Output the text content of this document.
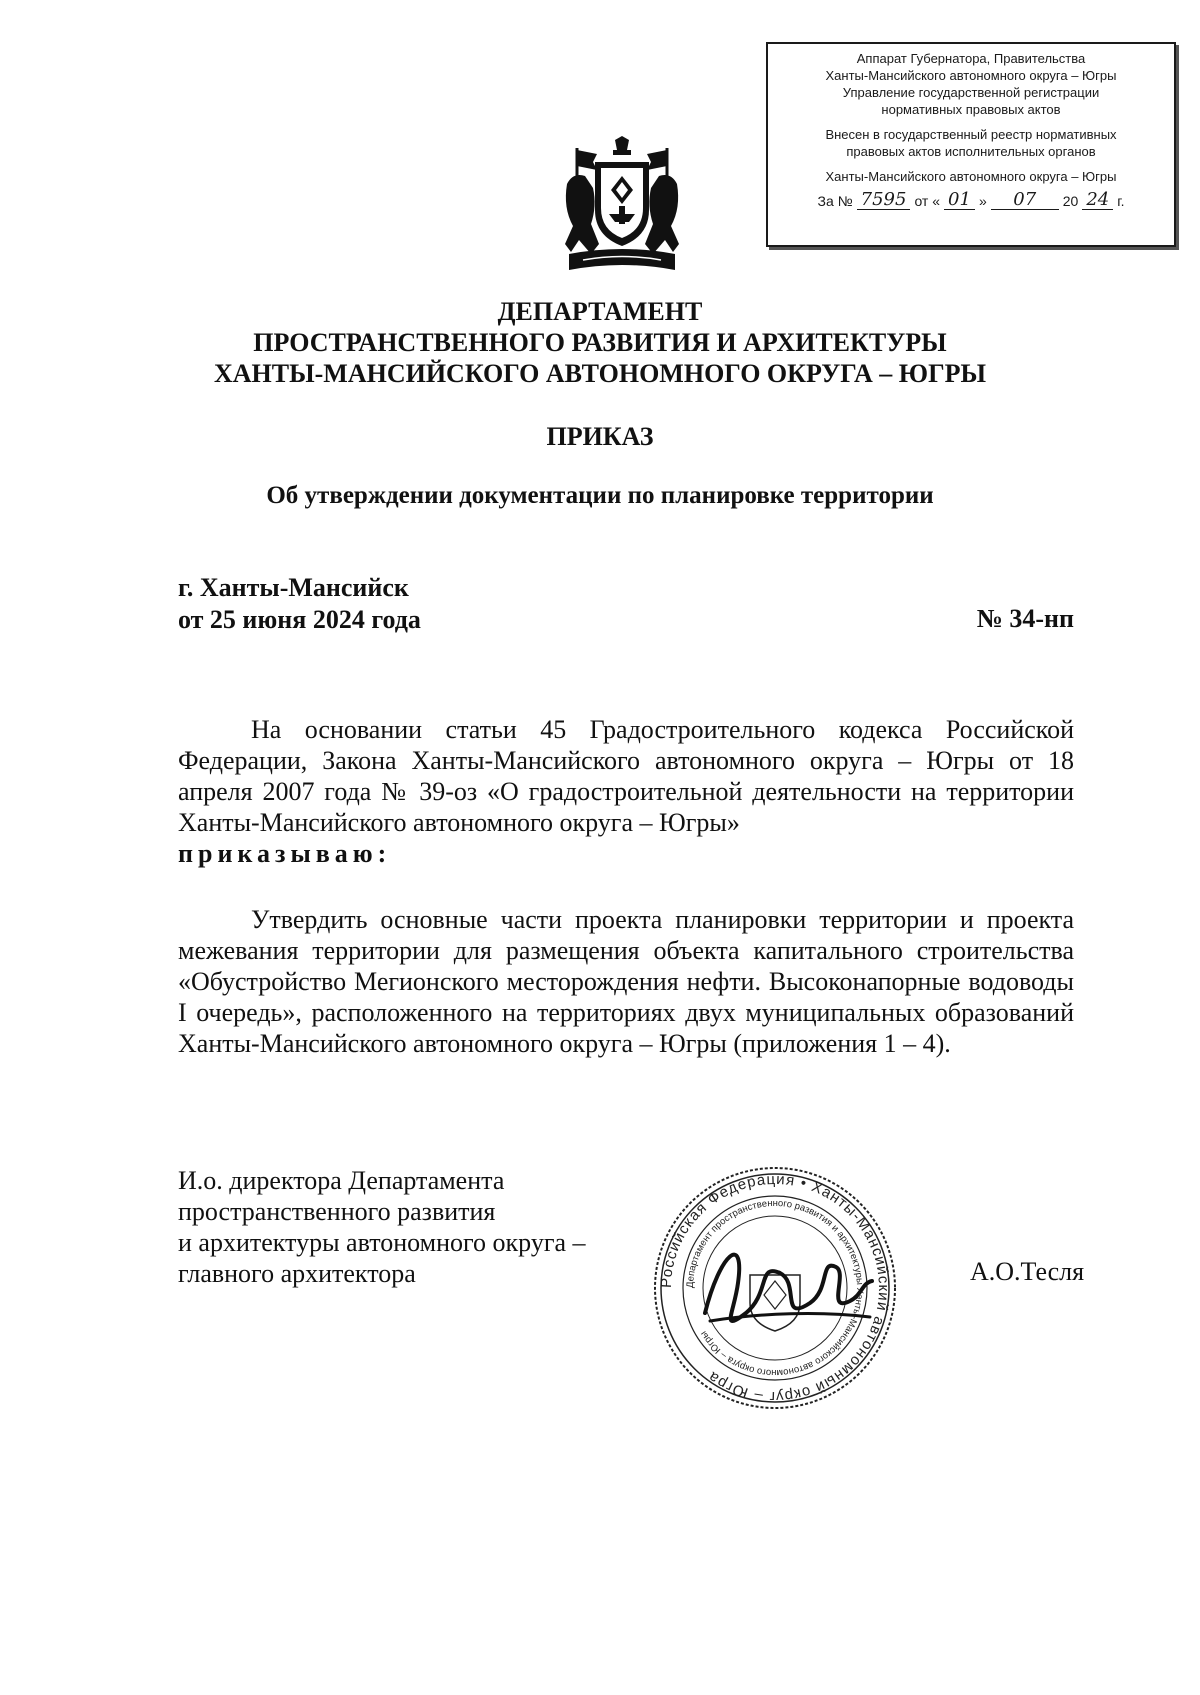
Аппарат Губернатора, Правительства
Ханты-Мансийского автономного округа – Югры
Управление государственной регистрации
нормативных правовых актов
Внесен в государственный реестр нормативных
правовых актов исполнительных органов
Ханты-Мансийского автономного округа – Югры
За № 7595 от « 01 »	07	20 24 г.
ДЕПАРТАМЕНТ
ПРОСТРАНСТВЕННОГО РАЗВИТИЯ И АРХИТЕКТУРЫ
ХАНТЫ-МАНСИЙСКОГО АВТОНОМНОГО ОКРУГА – ЮГРЫ
ПРИКАЗ
Об утверждении документации по планировке территории
г. Ханты-Мансийск
от 25 июня 2024 года	№ 34-нп
На основании статьи 45 Градостроительного кодекса Российской Федерации, Закона Ханты-Мансийского автономного округа – Югры от 18 апреля 2007 года № 39-оз «О градостроительной деятельности на территории Ханты-Мансийского автономного округа – Югры»
приказываю:
Утвердить основные части проекта планировки территории и проекта межевания территории для размещения объекта капитального строительства «Обустройство Мегионского месторождения нефти. Высоконапорные водоводы I очередь», расположенного на территориях двух муниципальных образований Ханты-Мансийского автономного округа – Югры (приложения 1 – 4).
И.о. директора Департамента
пространственного развития
и архитектуры автономного округа –
главного архитектора	Российская Федерация • Ханты-Мансийский автономный округ – Югра
Департамент пространственного развития и архитектуры Ханты-Мансийского автономного округа – Югры
А.О.Тесля
